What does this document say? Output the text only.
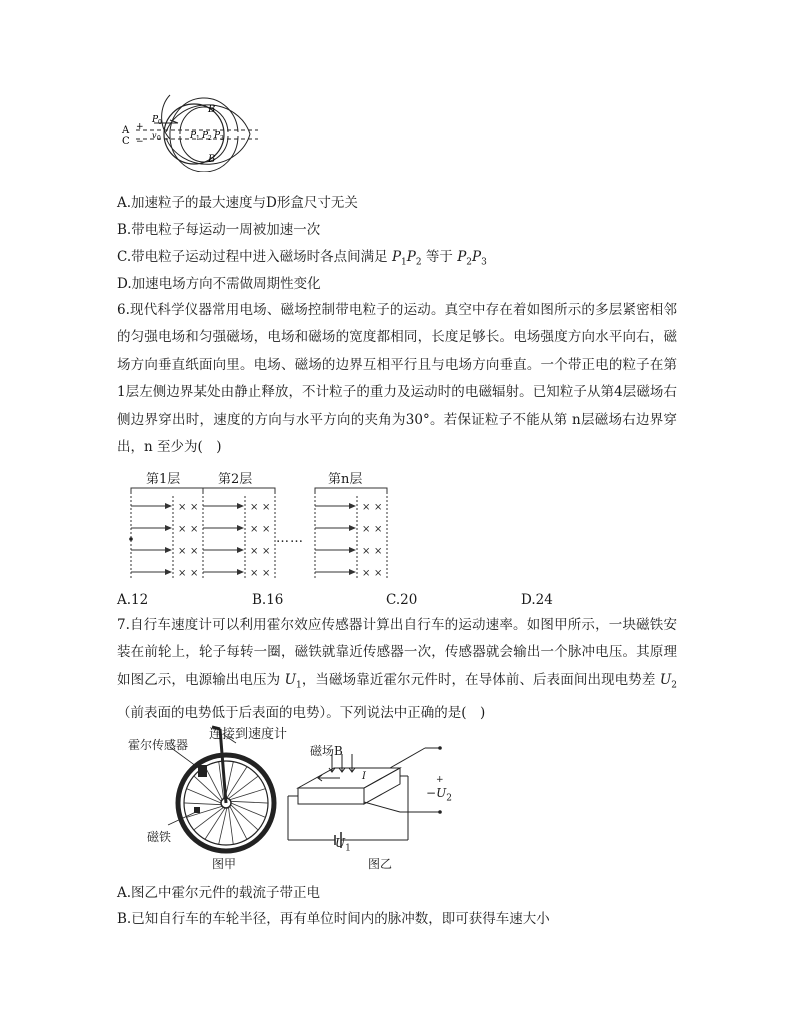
A
C
+
−
P 0
v 0	P 1 P 2 P 3
B
B
A.加速粒子的最大速度与D形盒尺寸无关
B.带电粒子每运动一周被加速一次
C.带电粒子运动过程中进入磁场时各点间满足 $P_1P_2$ 等于 $P_2P_3$
D.加速电场方向不需做周期性变化
6.现代科学仪器常用电场、磁场控制带电粒子的运动。真空中存在着如图所示的多层紧密相邻的匀强电场和匀强磁场，电场和磁场的宽度都相同，长度足够长。电场强度方向水平向右，磁场方向垂直纸面向里。电场、磁场的边界互相平行且与电场方向垂直。一个带正电的粒子在第1层左侧边界某处由静止释放，不计粒子的重力及运动时的电磁辐射。已知粒子从第4层磁场右侧边界穿出时，速度的方向与水平方向的夹角为30°。若保证粒子不能从第 n层磁场右边界穿出，n 至少为(　)
× ×
× ×
× ×
× ×
× ×
× ×
× ×
× ×
× ×
× ×
× ×
× ×
第1层	第2层	第n层
……
A.12	B.16	C.20	D.24
7.自行车速度计可以利用霍尔效应传感器计算出自行车的运动速率。如图甲所示，一块磁铁安装在前轮上，轮子每转一圈，磁铁就靠近传感器一次，传感器就会输出一个脉冲电压。其原理如图乙示，电源输出电压为 $U_1$，当磁场靠近霍尔元件时，在导体前、后表面间出现电势差 $U_2$（前表面的电势低于后表面的电势）。下列说法中正确的是(　)
霍尔传感器
连接到速度计
磁铁
图甲
磁场B
I
$U_1$
$-U_2$
+
图乙
A.图乙中霍尔元件的载流子带正电
B.已知自行车的车轮半径，再有单位时间内的脉冲数，即可获得车速大小
